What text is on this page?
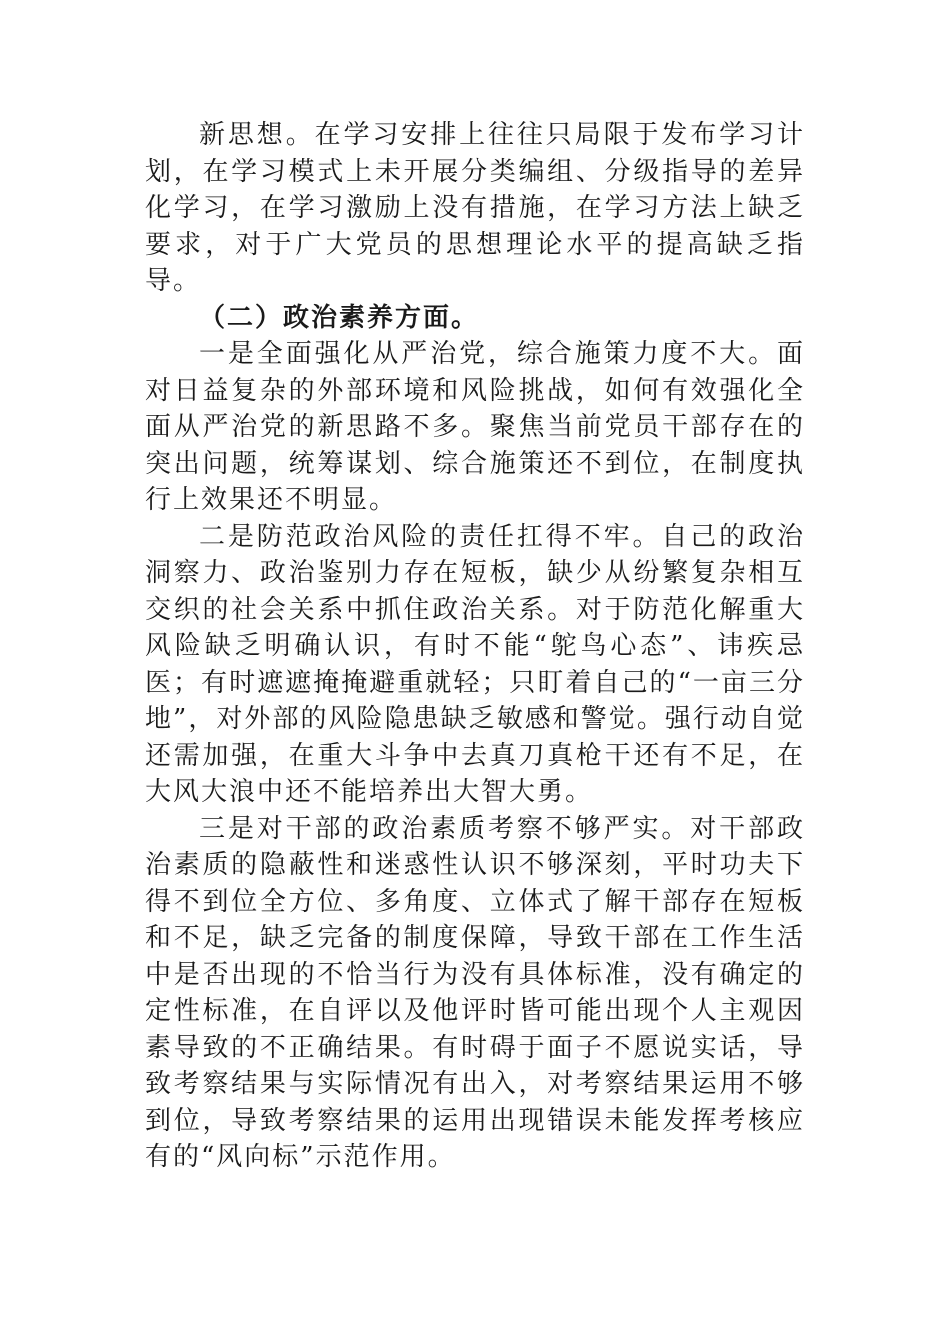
新思想。在学习安排上往往只局限于发布学习计划，在学习模式上未开展分类编组、分级指导的差异化学习，在学习激励上没有措施，在学习方法上缺乏要求，对于广大党员的思想理论水平的提高缺乏指导。

（二）政治素养方面。

一是全面强化从严治党，综合施策力度不大。面对日益复杂的外部环境和风险挑战，如何有效强化全面从严治党的新思路不多。聚焦当前党员干部存在的突出问题，统筹谋划、综合施策还不到位，在制度执行上效果还不明显。

二是防范政治风险的责任扛得不牢。自己的政治洞察力、政治鉴别力存在短板，缺少从纷繁复杂相互交织的社会关系中抓住政治关系。对于防范化解重大风险缺乏明确认识，有时不能“鸵鸟心态”、讳疾忌医；有时遮遮掩掩避重就轻；只盯着自己的“一亩三分地”，对外部的风险隐患缺乏敏感和警觉。强行动自觉还需加强，在重大斗争中去真刀真枪干还有不足，在大风大浪中还不能培养出大智大勇。

三是对干部的政治素质考察不够严实。对干部政治素质的隐蔽性和迷惑性认识不够深刻，平时功夫下得不到位全方位、多角度、立体式了解干部存在短板和不足，缺乏完备的制度保障，导致干部在工作生活中是否出现的不恰当行为没有具体标准，没有确定的定性标准，在自评以及他评时皆可能出现个人主观因素导致的不正确结果。有时碍于面子不愿说实话，导致考察结果与实际情况有出入，对考察结果运用不够到位，导致考察结果的运用出现错误未能发挥考核应有的“风向标”示范作用。
